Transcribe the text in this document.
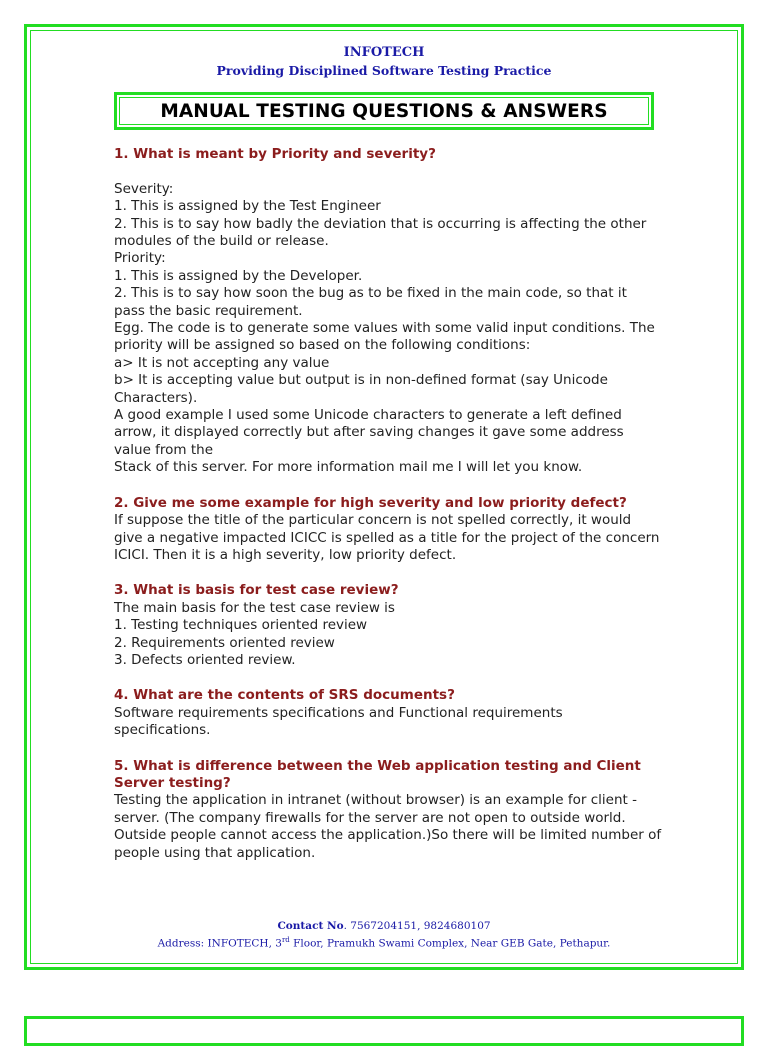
INFOTECH
Providing Disciplined Software Testing Practice
MANUAL TESTING QUESTIONS & ANSWERS
1. What is meant by Priority and severity?
Severity:
1. This is assigned by the Test Engineer
2. This is to say how badly the deviation that is occurring is affecting the other modules of the build or release.
Priority:
1. This is assigned by the Developer.
2. This is to say how soon the bug as to be fixed in the main code, so that it pass the basic requirement.
Egg. The code is to generate some values with some valid input conditions. The priority will be assigned so based on the following conditions:
a> It is not accepting any value
b> It is accepting value but output is in non-defined format (say Unicode Characters).
A good example I used some Unicode characters to generate a left defined arrow, it displayed correctly but after saving changes it gave some address value from the
Stack of this server. For more information mail me I will let you know.
2. Give me some example for high severity and low priority defect?
If suppose the title of the particular concern is not spelled correctly, it would give a negative impacted ICICC is spelled as a title for the project of the concern ICICI. Then it is a high severity, low priority defect.
3. What is basis for test case review?
The main basis for the test case review is
1. Testing techniques oriented review
2. Requirements oriented review
3. Defects oriented review.
4. What are the contents of SRS documents?
Software requirements specifications and Functional requirements specifications.
5. What is difference between the Web application testing and Client Server testing?
Testing the application in intranet (without browser) is an example for client -server. (The company firewalls for the server are not open to outside world. Outside people cannot access the application.)So there will be limited number of people using that application.
Contact No. 7567204151, 9824680107
Address: INFOTECH, 3rd Floor, Pramukh Swami Complex, Near GEB Gate, Pethapur.
